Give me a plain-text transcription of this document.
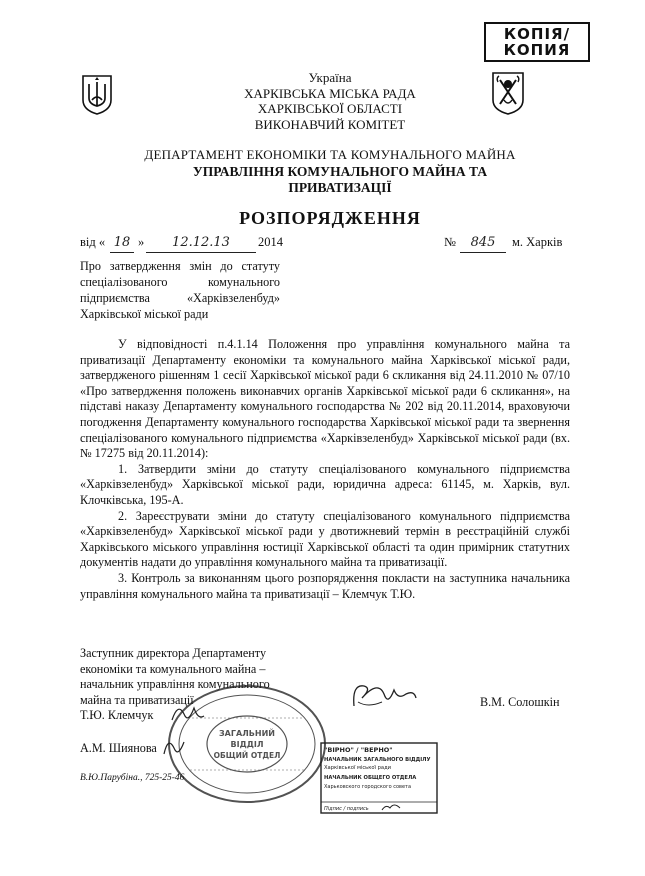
КОПІЯ/
КОПИЯ
Україна
ХАРКІВСЬКА МІСЬКА РАДА
ХАРКІВСЬКОЇ ОБЛАСТІ
ВИКОНАВЧИЙ КОМІТЕТ
ДЕПАРТАМЕНТ ЕКОНОМІКИ ТА КОМУНАЛЬНОГО МАЙНА
УПРАВЛІННЯ КОМУНАЛЬНОГО МАЙНА ТА
ПРИВАТИЗАЦІЇ
РОЗПОРЯДЖЕННЯ
від « 18 »	12.12.13	2014	№	845	м. Харків
Про затвердження змін до статуту спеціалізованого комунального підприємства «Харківзеленбуд» Харківської міської ради

У відповідності п.4.1.14 Положення про управління комунального майна та приватизації Департаменту економіки та комунального майна Харківської міської ради, затвердженого рішенням 1 сесії Харківської міської ради 6 скликання від 24.11.2010 № 07/10 «Про затвердження положень виконавчих органів Харківської міської ради 6 скликання», на підставі наказу Департаменту комунального господарства № 202 від 20.11.2014, враховуючи погодження Департаменту комунального господарства Харківської міської ради та звернення спеціалізованого комунального підприємства «Харківзеленбуд» Харківської міської ради (вх. № 17275 від 20.11.2014):

1. Затвердити зміни до статуту спеціалізованого комунального підприємства «Харківзеленбуд» Харківської міської ради, юридична адреса: 61145, м. Харків, вул. Клочківська, 195-А.

2. Зареєструвати зміни до статуту спеціалізованого комунального підприємства «Харківзеленбуд» Харківської міської ради у двотижневий термін в реєстраційній службі Харківського міського управління юстиції Харківської області та один примірник статутних документів надати до управління комунального майна та приватизації.

3. Контроль за виконанням цього розпорядження покласти на заступника начальника управління комунального майна та приватизації – Клемчук Т.Ю.

Заступник директора Департаменту економіки та комунального майна – начальник управління комунального майна та приватизації
Т.Ю. Клемчук
В.М. Солошкін
А.М. Шиянова
В.Ю.Парубіна., 725-25-46
ЗАГАЛЬНИЙ
ВІДДІЛ
ОБЩИЙ ОТДЕЛ
"ВІРНО" / "ВЕРНО"
НАЧАЛЬНИК ЗАГАЛЬНОГО ВІДДІЛУ
Харківської міської ради
НАЧАЛЬНИК ОБЩЕГО ОТДЕЛА
Харьковского городского совета
Підпис / подпись
